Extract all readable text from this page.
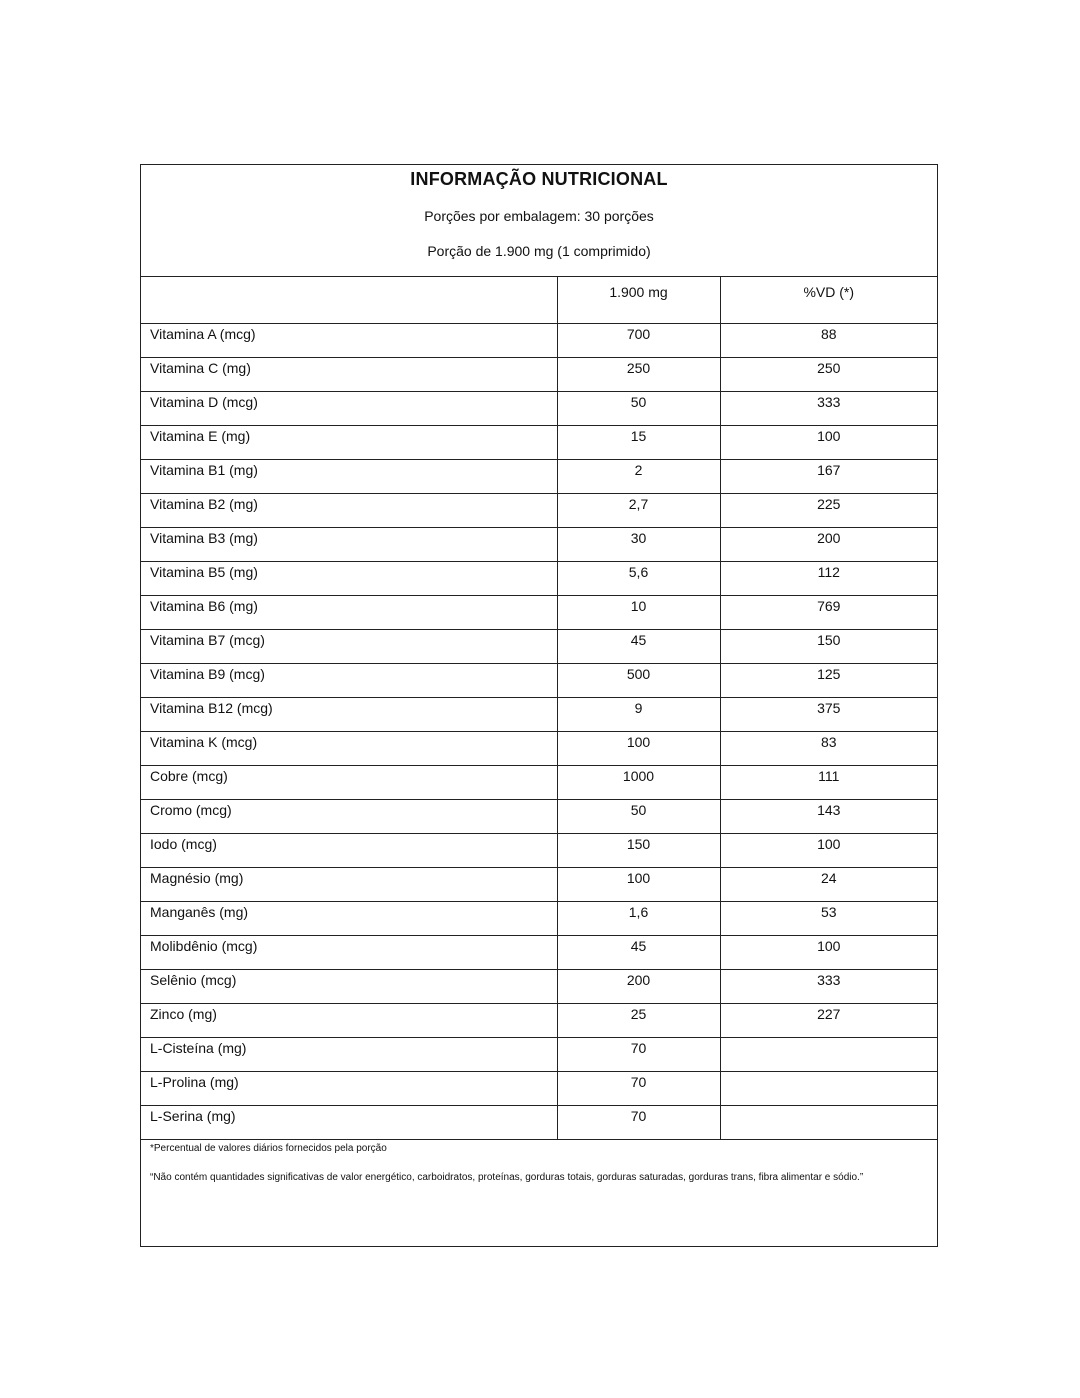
INFORMAÇÃO NUTRICIONAL
Porções por embalagem: 30 porções
Porção de 1.900 mg (1 comprimido)
	1.900 mg	%VD (*)
Vitamina A (mcg)	700	88
Vitamina C (mg)	250	250
Vitamina D (mcg)	50	333
Vitamina E (mg)	15	100
Vitamina B1 (mg)	2	167
Vitamina B2 (mg)	2,7	225
Vitamina B3 (mg)	30	200
Vitamina B5 (mg)	5,6	112
Vitamina B6 (mg)	10	769
Vitamina B7 (mcg)	45	150
Vitamina B9 (mcg)	500	125
Vitamina B12 (mcg)	9	375
Vitamina K (mcg)	100	83
Cobre (mcg)	1000	111
Cromo (mcg)	50	143
Iodo (mcg)	150	100
Magnésio (mg)	100	24
Manganês (mg)	1,6	53
Molibdênio (mcg)	45	100
Selênio (mcg)	200	333
Zinco (mg)	25	227
L-Cisteína (mg)	70	
L-Prolina (mg)	70	
L-Serina (mg)	70	
*Percentual de valores diários fornecidos pela porção
“Não contém quantidades significativas de valor energético, carboidratos, proteínas, gorduras totais, gorduras saturadas, gorduras trans, fibra alimentar e sódio.”
